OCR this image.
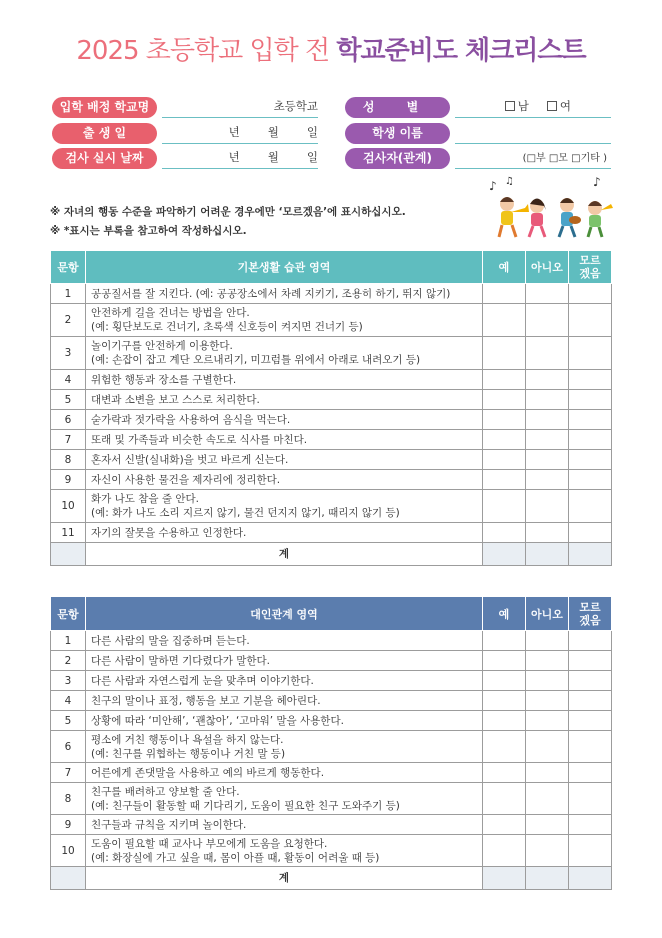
2025 초등학교 입학 전 학교준비도 체크리스트
입학 배정 학교명	초등학교
출 생 일	년 월 일
검사 실시 날짜	년 월 일
성 별	남	여
학생 이름
검사자(관계)	(□부 □모 □기타 )
※ 자녀의 행동 수준을 파악하기 어려운 경우에만 ‘모르겠음’에 표시하십시오.
※ *표시는 부록을 참고하여 작성하십시오.
♪ ♫	♪
문항	기본생활 습관 영역	예	아니오	모르겠음
1	공공질서를 잘 지킨다. (예: 공공장소에서 차례 지키기, 조용히 하기, 뛰지 않기)			

2	안전하게 길을 건너는 방법을 안다.
(예: 횡단보도로 건너기, 초록색 신호등이 켜지면 건너기 등)			

3	놀이기구를 안전하게 이용한다.
(예: 손잡이 잡고 계단 오르내리기, 미끄럼틀 위에서 아래로 내려오기 등)			

4	위험한 행동과 장소를 구별한다.			

5	대변과 소변을 보고 스스로 처리한다.			

6	숟가락과 젓가락을 사용하여 음식을 먹는다.			

7	또래 및 가족들과 비슷한 속도로 식사를 마친다.			

8	혼자서 신발(실내화)을 벗고 바르게 신는다.			

9	자신이 사용한 물건을 제자리에 정리한다.			

10	화가 나도 참을 줄 안다.
(예: 화가 나도 소리 지르지 않기, 물건 던지지 않기, 때리지 않기 등)			

11	자기의 잘못을 수용하고 인정한다.			

	계			
문항	대인관계 영역	예	아니오	모르겠음
1	다른 사람의 말을 집중하며 듣는다.			

2	다른 사람이 말하면 기다렸다가 말한다.			

3	다른 사람과 자연스럽게 눈을 맞추며 이야기한다.			

4	친구의 말이나 표정, 행동을 보고 기분을 헤아린다.			

5	상황에 따라 ‘미안해’, ‘괜찮아’, ‘고마워’ 말을 사용한다.			

6	평소에 거친 행동이나 욕설을 하지 않는다.
(예: 친구를 위협하는 행동이나 거친 말 등)			

7	어른에게 존댓말을 사용하고 예의 바르게 행동한다.			

8	친구를 배려하고 양보할 줄 안다.
(예: 친구들이 활동할 때 기다리기, 도움이 필요한 친구 도와주기 등)			

9	친구들과 규칙을 지키며 놀이한다.			

10	도움이 필요할 때 교사나 부모에게 도움을 요청한다.
(예: 화장실에 가고 싶을 때, 몸이 아플 때, 활동이 어려울 때 등)			

	계			
